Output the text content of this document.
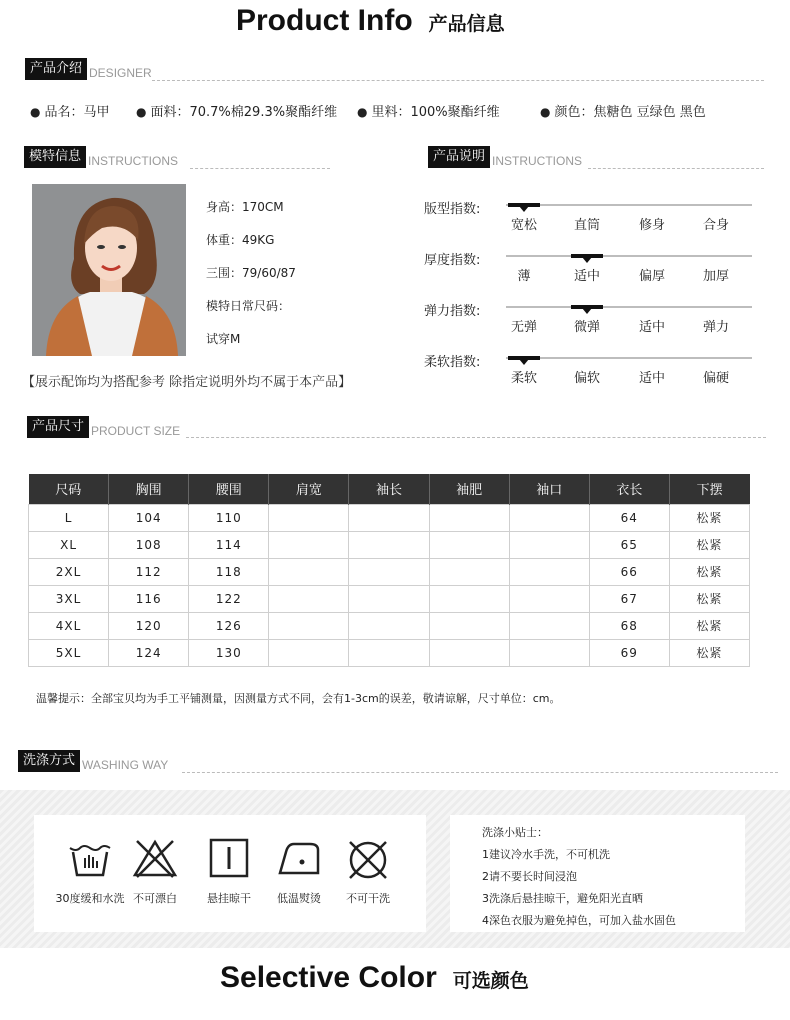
Product Info 产品信息
产品介绍 DESIGNER
● 品名：马甲 ● 面料：70.7%棉29.3%聚酯纤维 ● 里料：100%聚酯纤维	● 颜色：焦糖色 豆绿色 黑色
模特信息 INSTRUCTIONS
身高：170CM
体重：49KG
三围：79/60/87
模特日常尺码：
试穿M
【展示配饰均为搭配参考 除指定说明外均不属于本产品】
产品说明 INSTRUCTIONS
版型指数:
宽松	直筒	修身	合身
厚度指数:
薄	适中	偏厚	加厚
弹力指数:
无弹	微弹	适中	弹力
柔软指数:
柔软	偏软	适中	偏硬
产品尺寸 PRODUCT SIZE
尺码	胸围	腰围	肩宽	袖长	袖肥	袖口	衣长	下摆
L	104	110					64	松紧
XL	108	114					65	松紧
2XL	112	118					66	松紧
3XL	116	122					67	松紧
4XL	120	126					68	松紧
5XL	124	130					69	松紧
温馨提示：全部宝贝均为手工平铺测量，因测量方式不同，会有1-3cm的误差，敬请谅解，尺寸单位：cm。
洗涤方式 WASHING WAY
30度缓和水洗 不可漂白	悬挂晾干	低温熨烫	不可干洗
洗涤小贴士：
1建议冷水手洗，不可机洗
2请不要长时间浸泡
3洗涤后悬挂晾干，避免阳光直晒
4深色衣服为避免掉色，可加入盐水固色
Selective Color 可选颜色
